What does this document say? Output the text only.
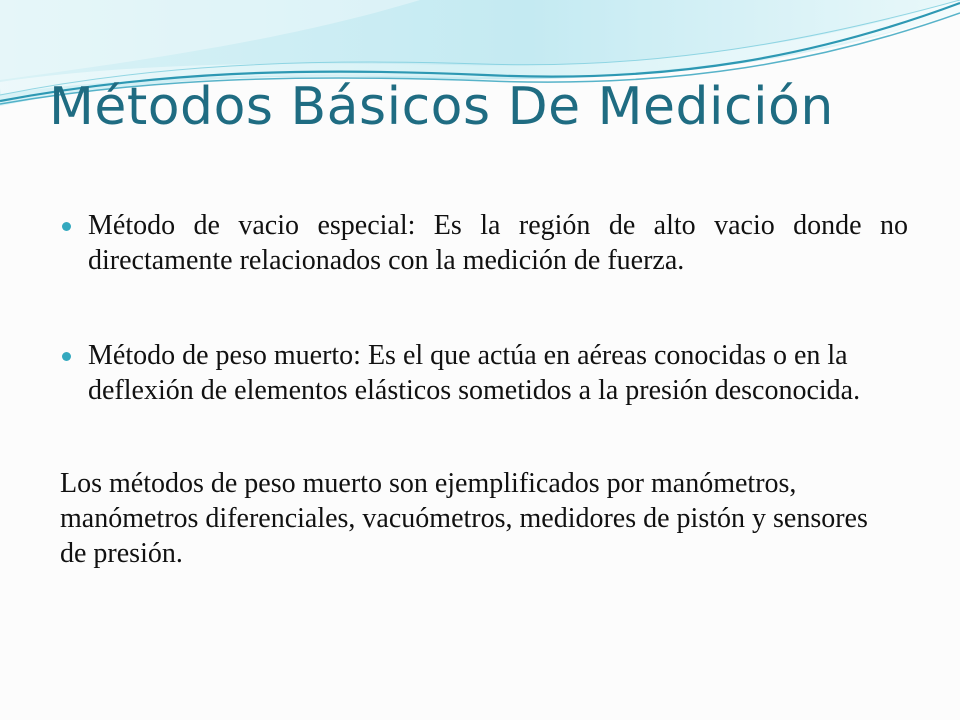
Métodos Básicos De Medición

Método de vacio especial: Es la región de alto vacio donde no directamente relacionados con la medición de fuerza.

Método de peso muerto: Es el que actúa en aéreas conocidas o en la deflexión de elementos elásticos sometidos a la presión desconocida.

Los métodos de peso muerto son ejemplificados por manómetros, manómetros diferenciales, vacuómetros, medidores de pistón y sensores de presión.
